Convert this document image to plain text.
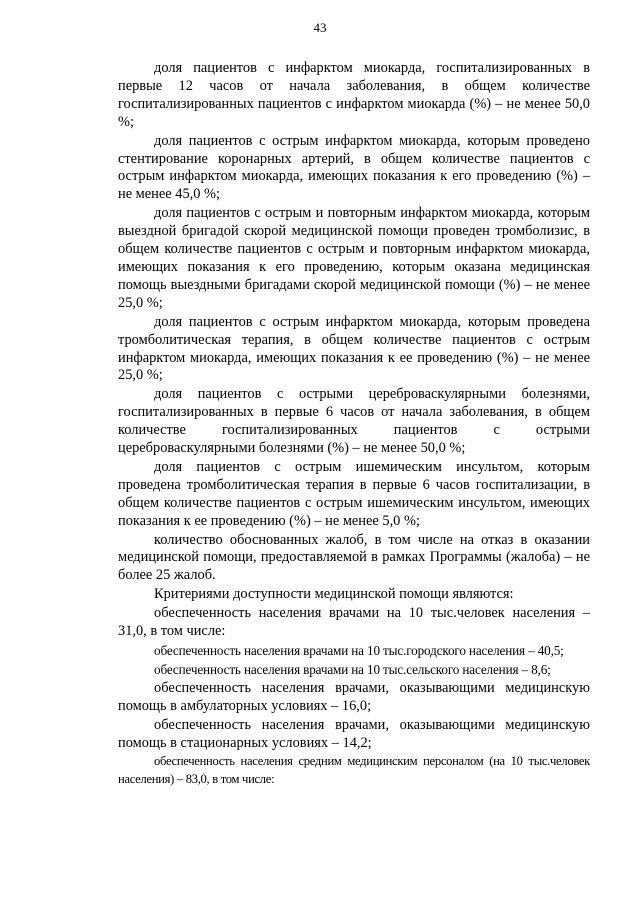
43

доля пациентов с инфарктом миокарда, госпитализированных в первые 12 часов от начала заболевания, в общем количестве госпитализированных пациентов с инфарктом миокарда (%) – не менее 50,0 %;

доля пациентов с острым инфарктом миокарда, которым проведено стентирование коронарных артерий, в общем количестве пациентов с острым инфарктом миокарда, имеющих показания к его проведению (%) – не менее 45,0 %;

доля пациентов с острым и повторным инфарктом миокарда, которым выездной бригадой скорой медицинской помощи проведен тромболизис, в общем количестве пациентов с острым и повторным инфарктом миокарда, имеющих показания к его проведению, которым оказана медицинская помощь выездными бригадами скорой медицинской помощи (%) – не менее 25,0 %;

доля пациентов с острым инфарктом миокарда, которым проведена тромболитическая терапия, в общем количестве пациентов с острым инфарктом миокарда, имеющих показания к ее проведению (%) – не менее 25,0 %;

доля пациентов с острыми цереброваскулярными болезнями, госпитализированных в первые 6 часов от начала заболевания, в общем количестве госпитализированных пациентов с острыми цереброваскулярными болезнями (%) – не менее 50,0 %;

доля пациентов с острым ишемическим инсультом, которым проведена тромболитическая терапия в первые 6 часов госпитализации, в общем количестве пациентов с острым ишемическим инсультом, имеющих показания к ее проведению (%) – не менее 5,0 %;

количество обоснованных жалоб, в том числе на отказ в оказании медицинской помощи, предоставляемой в рамках Программы (жалоба) – не более 25 жалоб.

Критериями доступности медицинской помощи являются:

обеспеченность населения врачами на 10 тыс.человек населения – 31,0, в том числе:

обеспеченность населения врачами на 10 тыс.городского населения – 40,5;

обеспеченность населения врачами на 10 тыс.сельского населения – 8,6;

обеспеченность населения врачами, оказывающими медицинскую помощь в амбулаторных условиях – 16,0;

обеспеченность населения врачами, оказывающими медицинскую помощь в стационарных условиях – 14,2;

обеспеченность населения средним медицинским персоналом (на 10 тыс.человек населения) – 83,0, в том числе:
